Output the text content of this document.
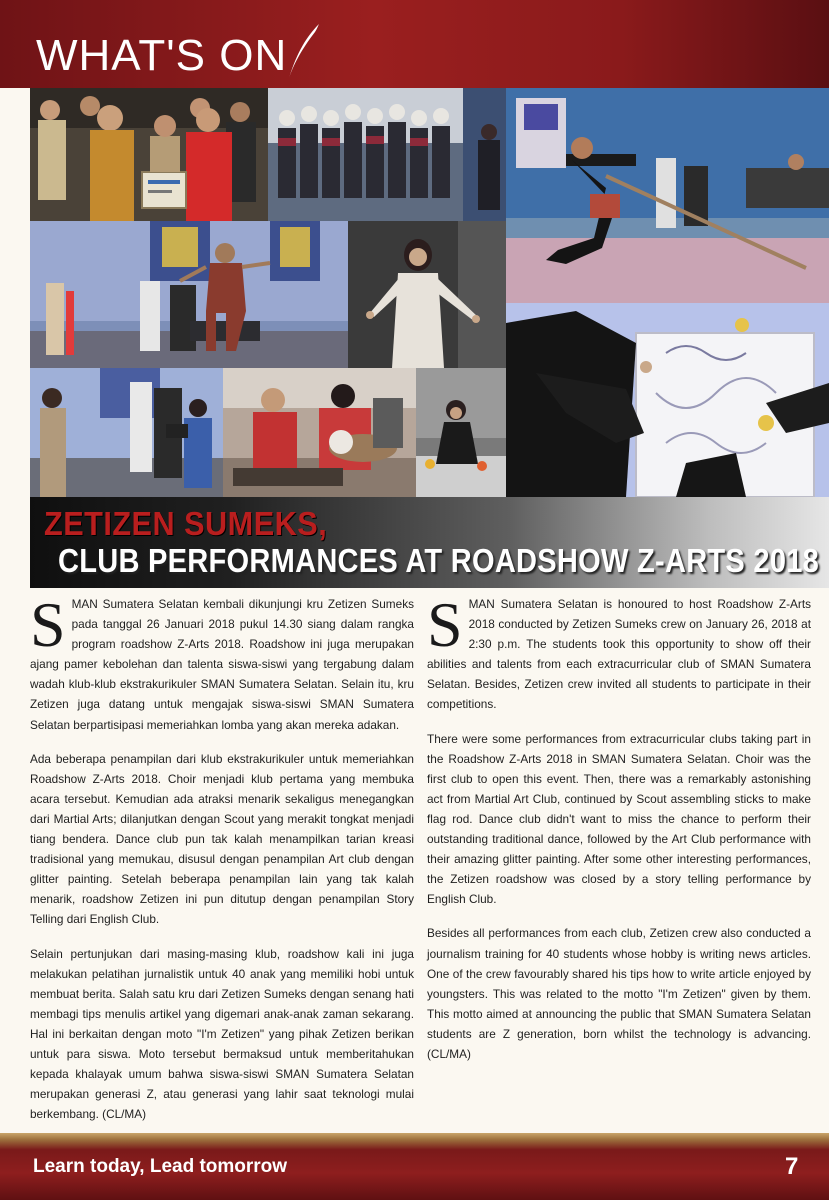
WHAT'S ON
ZETIZEN SUMEKS,
CLUB PERFORMANCES AT ROADSHOW Z-ARTS 2018

SMAN Sumatera Selatan kembali dikunjungi kru Zetizen Sumeks pada tanggal 26 Januari 2018 pukul 14.30 siang dalam rangka program roadshow Z-Arts 2018. Roadshow ini juga merupakan ajang pamer kebolehan dan talenta siswa-siswi yang tergabung dalam wadah klub-klub ekstrakurikuler SMAN Sumatera Selatan. Selain itu, kru Zetizen juga datang untuk mengajak siswa-siswi SMAN Sumatera Selatan berpartisipasi memeriahkan lomba yang akan mereka adakan.

Ada beberapa penampilan dari klub ekstrakurikuler untuk memeriahkan Roadshow Z-Arts 2018. Choir menjadi klub pertama yang membuka acara tersebut. Kemudian ada atraksi menarik sekaligus menegangkan dari Martial Arts; dilanjutkan dengan Scout yang merakit tongkat menjadi tiang bendera. Dance club pun tak kalah menampilkan tarian kreasi tradisional yang memukau, disusul dengan penampilan Art club dengan glitter painting. Setelah beberapa penampilan lain yang tak kalah menarik, roadshow Zetizen ini pun ditutup dengan penampilan Story Telling dari English Club.

Selain pertunjukan dari masing-masing klub, roadshow kali ini juga melakukan pelatihan jurnalistik untuk 40 anak yang memiliki hobi untuk membuat berita. Salah satu kru dari Zetizen Sumeks dengan senang hati membagi tips menulis artikel yang digemari anak-anak zaman sekarang. Hal ini berkaitan dengan moto "I'm Zetizen" yang pihak Zetizen berikan untuk para siswa. Moto tersebut bermaksud untuk memberitahukan kepada khalayak umum bahwa siswa-siswi SMAN Sumatera Selatan merupakan generasi Z, atau generasi yang lahir saat teknologi mulai berkembang. (CL/MA)

SMAN Sumatera Selatan is honoured to host Roadshow Z-Arts 2018 conducted by Zetizen Sumeks crew on January 26, 2018 at 2:30 p.m. The students took this opportunity to show off their abilities and talents from each extracurricular club of SMAN Sumatera Selatan. Besides, Zetizen crew invited all students to participate in their competitions.

There were some performances from extracurricular clubs taking part in the Roadshow Z-Arts 2018 in SMAN Sumatera Selatan. Choir was the first club to open this event. Then, there was a remarkably astonishing act from Martial Art Club, continued by Scout assembling sticks to make flag rod. Dance club didn't want to miss the chance to perform their outstanding traditional dance, followed by the Art Club performance with their amazing glitter painting. After some other interesting performances, the Zetizen roadshow was closed by a story telling performance by English Club.

Besides all performances from each club, Zetizen crew also conducted a journalism training for 40 students whose hobby is writing news articles. One of the crew favourably shared his tips how to write article enjoyed by youngsters. This was related to the motto "I'm Zetizen" given by them. This motto aimed at announcing the public that SMAN Sumatera Selatan students are Z generation, born whilst the technology is advancing. (CL/MA)

Learn today, Lead tomorrow	7
